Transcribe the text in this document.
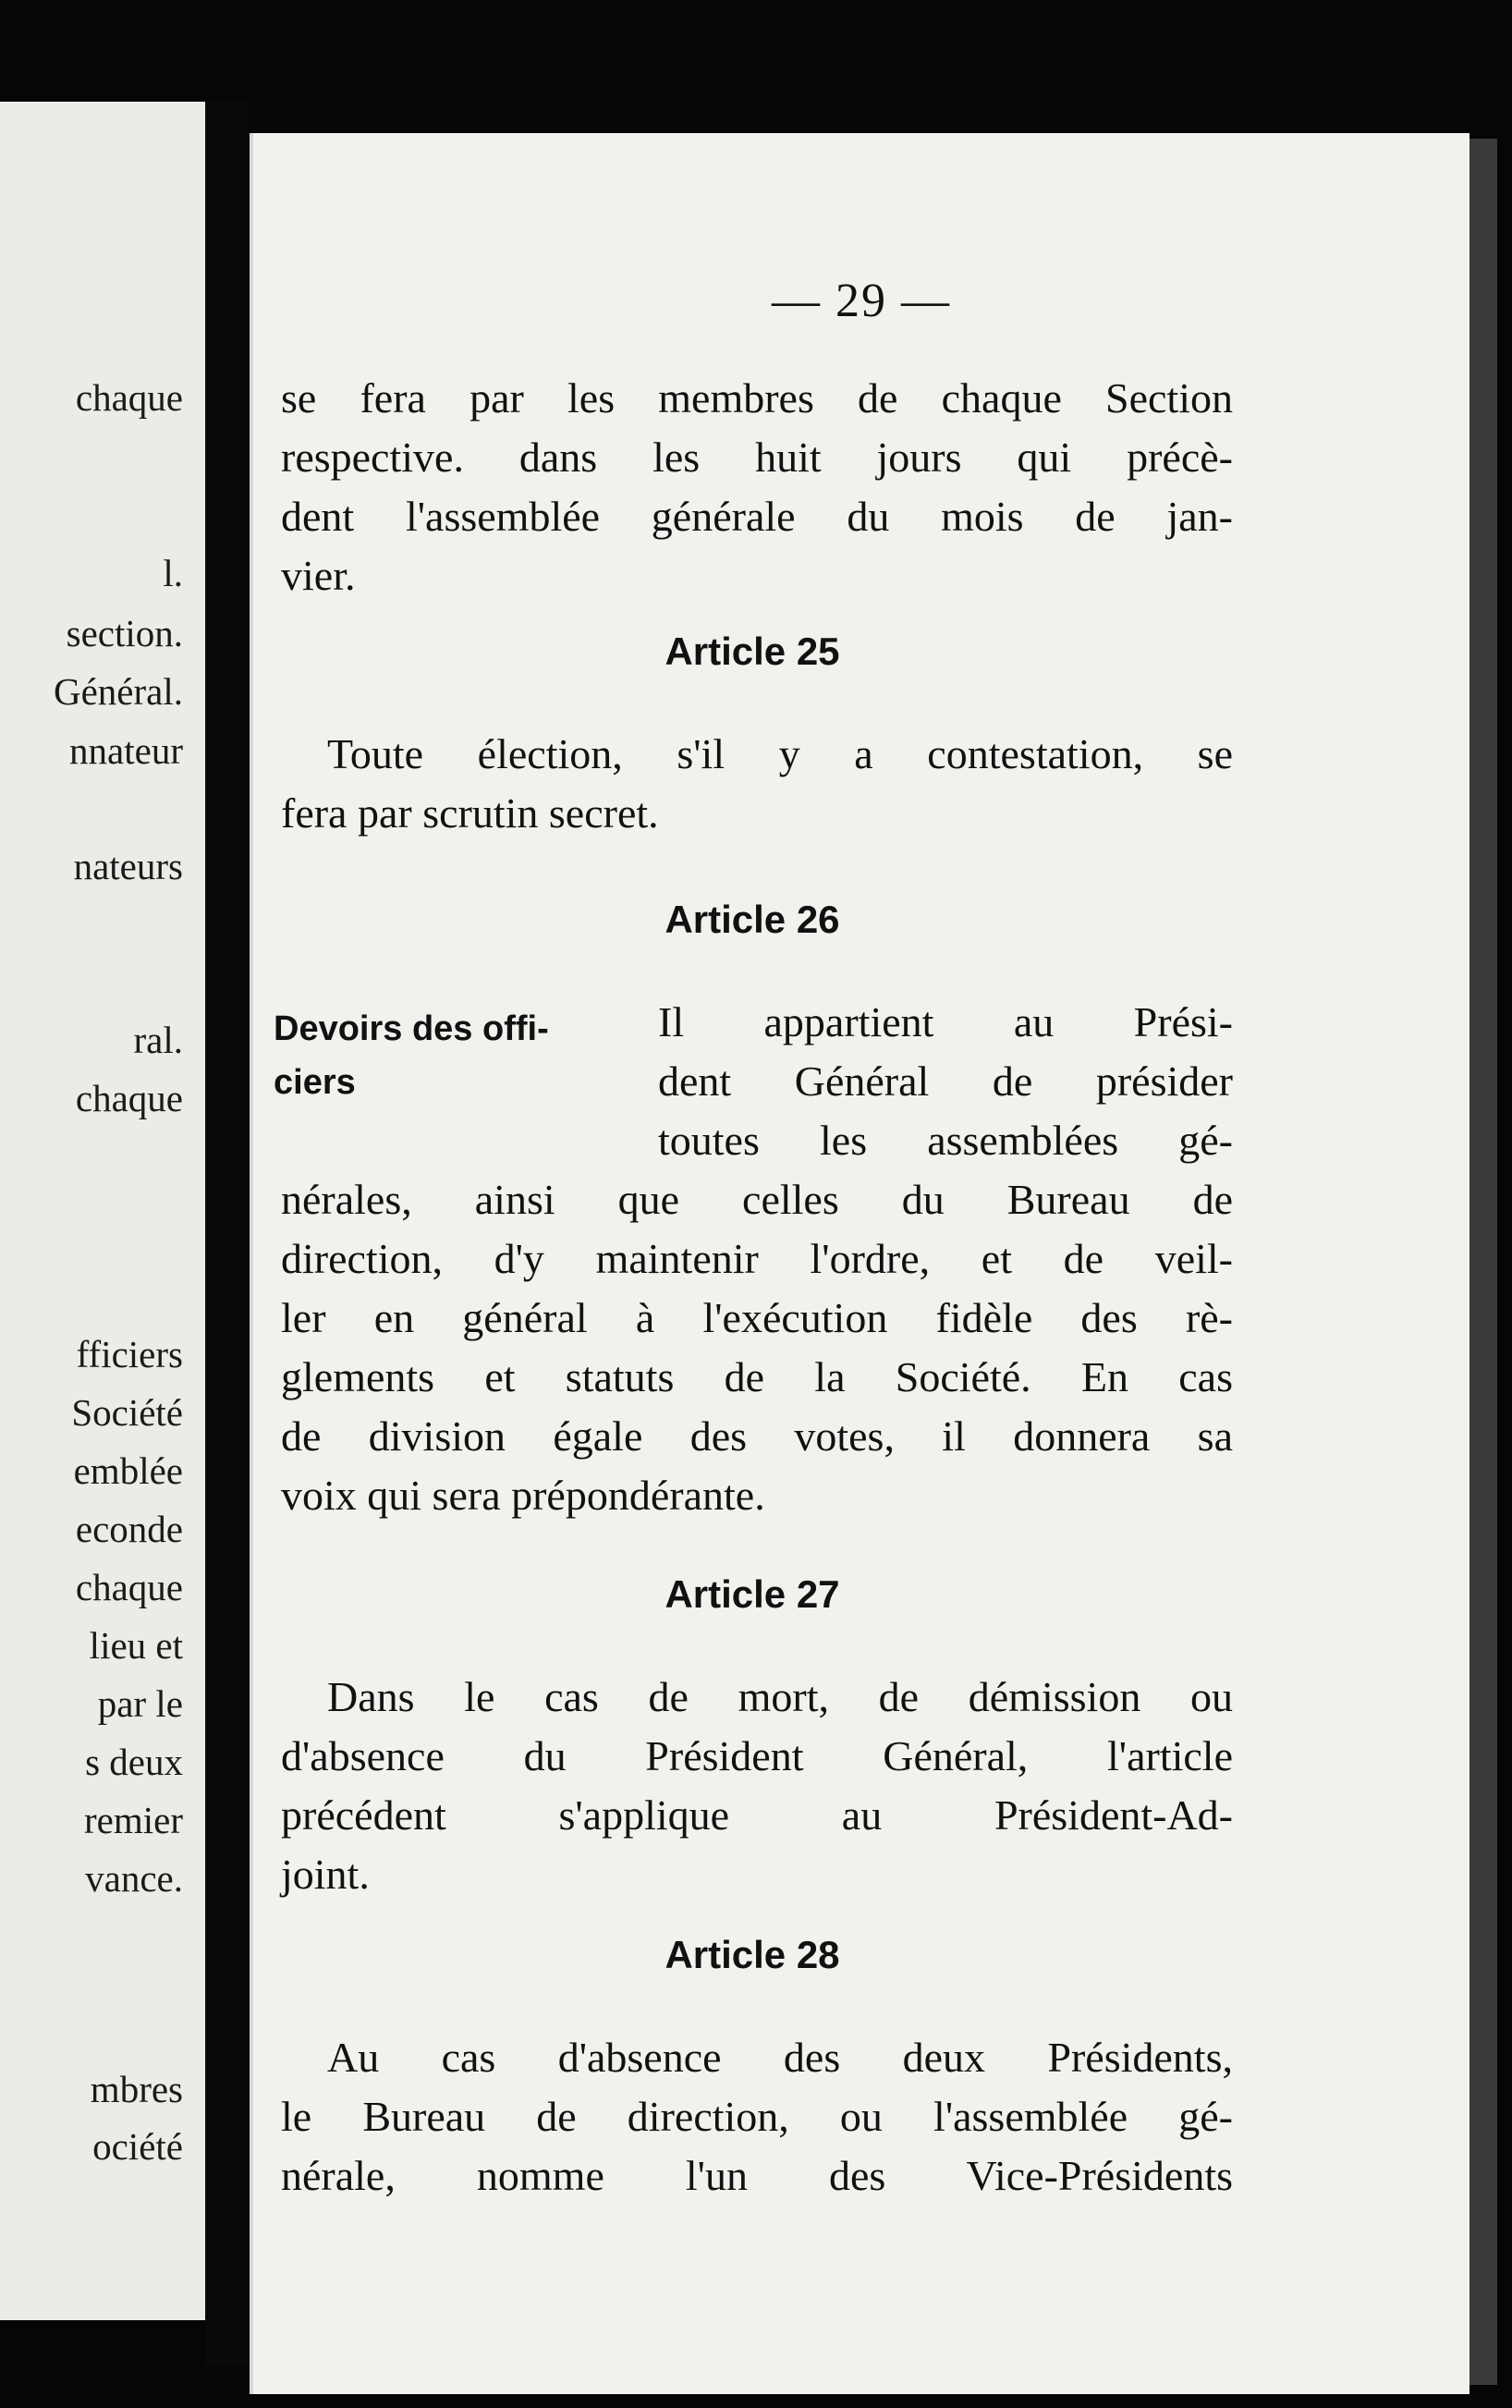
chaque
l.
section.
Général.
nnateur
nateurs
ral.
chaque
fficiers
Société
emblée
econde
chaque
lieu et
par le
s deux
remier
vance.
mbres
ociété
— 29 —
se fera par les membres de chaque Section
respective. dans les huit jours qui précè-
dent l'assemblée générale du mois de jan-
vier.
Article 25
Toute élection, s'il y a contestation, se
fera par scrutin secret.
Article 26
Devoirs des offi-
ciers
Il appartient au Prési-
dent Général de présider
toutes les assemblées gé-
nérales, ainsi que celles du Bureau de
direction, d'y maintenir l'ordre, et de veil-
ler en général à l'exécution fidèle des rè-
glements et statuts de la Société. En cas
de division égale des votes, il donnera sa
voix qui sera prépondérante.
Article 27
Dans le cas de mort, de démission ou
d'absence du Président Général, l'article
précédent s'applique au Président-Ad-
joint.
Article 28
Au cas d'absence des deux Présidents,
le Bureau de direction, ou l'assemblée gé-
nérale, nomme l'un des Vice-Présidents
